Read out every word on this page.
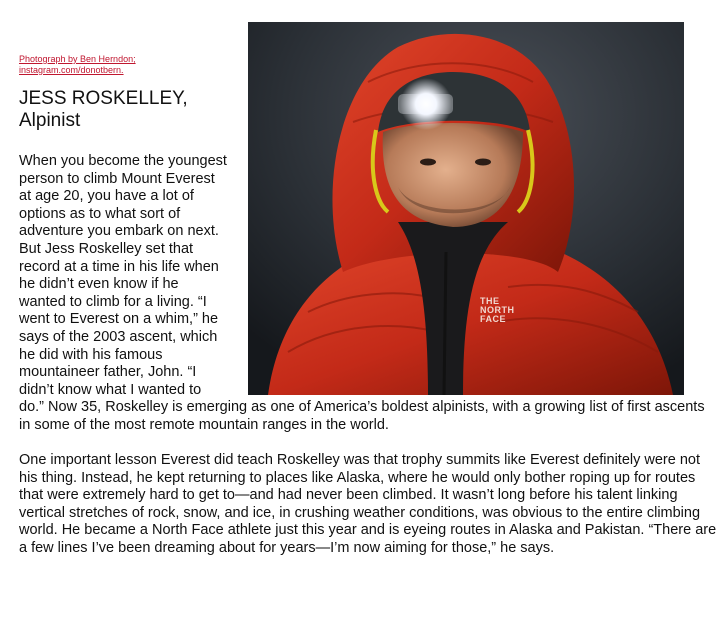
Photograph by Ben Herndon;
instagram.com/donotbern.
JESS ROSKELLEY,
Alpinist
THE NORTH FACE

When you become the youngest person to climb Mount Everest at age 20, you have a lot of options as to what sort of adventure you embark on next. But Jess Roskelley set that record at a time in his life when he didn’t even know if he wanted to climb for a living. “I went to Everest on a whim,” he says of the 2003 ascent, which he did with his famous mountaineer father, John. “I didn’t know what I wanted to do.” Now 35, Roskelley is emerging as one of America’s boldest alpinists, with a growing list of first ascents in some of the most remote mountain ranges in the world.

One important lesson Everest did teach Roskelley was that trophy summits like Everest definitely were not his thing. Instead, he kept returning to places like Alaska, where he would only bother roping up for routes that were extremely hard to get to—and had never been climbed. It wasn’t long before his talent linking vertical stretches of rock, snow, and ice, in crushing weather conditions, was obvious to the entire climbing world. He became a North Face athlete just this year and is eyeing routes in Alaska and Pakistan. “There are a few lines I’ve been dreaming about for years—I’m now aiming for those,” he says.
